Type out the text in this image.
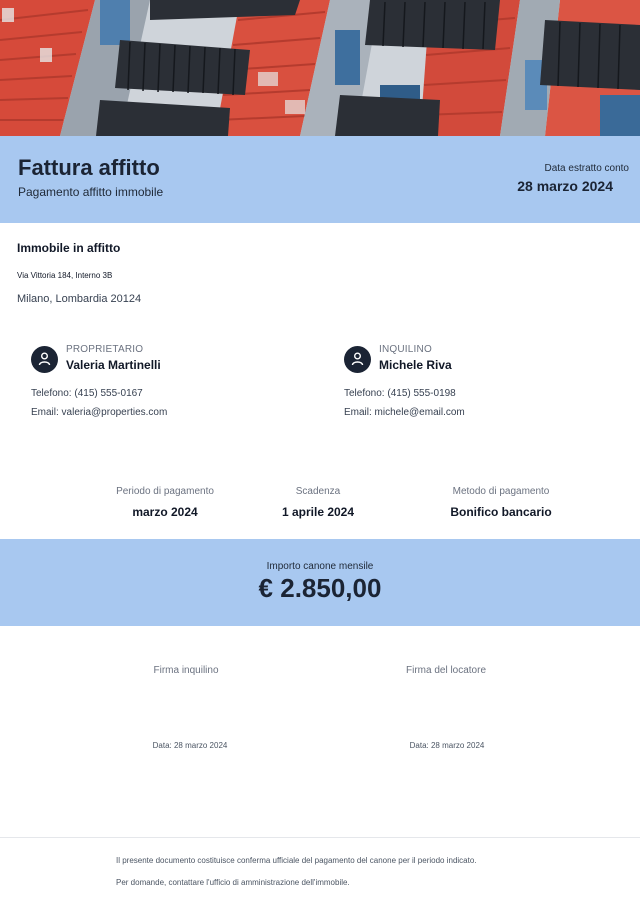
Fattura affitto
Pagamento affitto immobile
Data estratto conto
28 marzo 2024
Immobile in affitto
Via Vittoria 184, Interno 3B
Milano, Lombardia 20124
PROPRIETARIO
Valeria Martinelli
Telefono: (415) 555-0167
Email: valeria@properties.com
INQUILINO
Michele Riva
Telefono: (415) 555-0198
Email: michele@email.com
Periodo di pagamento
marzo 2024
Scadenza
1 aprile 2024
Metodo di pagamento
Bonifico bancario
Importo canone mensile
€ 2.850,00
Firma inquilino	Firma del locatore
Data: 28 marzo 2024	Data: 28 marzo 2024
Il presente documento costituisce conferma ufficiale del pagamento del canone per il periodo indicato.
Per domande, contattare l'ufficio di amministrazione dell'immobile.
